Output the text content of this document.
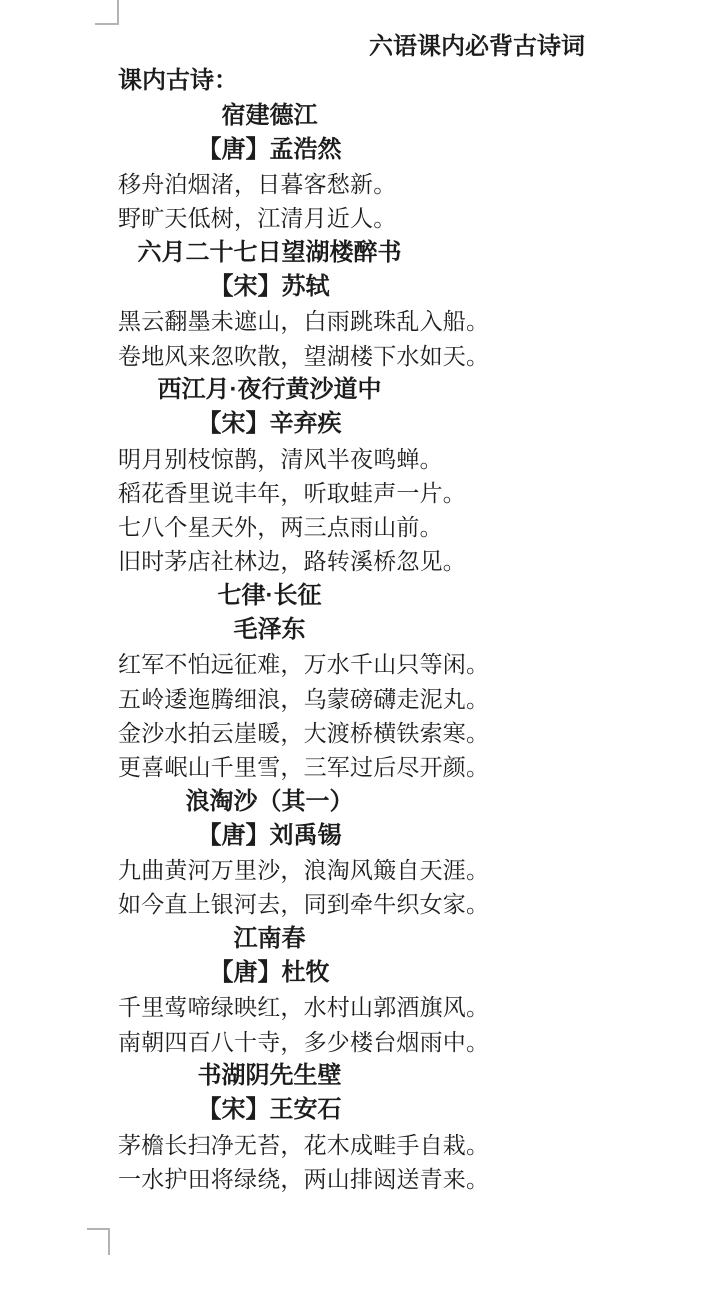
六语课内必背古诗词
课内古诗：
宿建德江
【唐】孟浩然
移舟泊烟渚，日暮客愁新。
野旷天低树，江清月近人。
六月二十七日望湖楼醉书
【宋】苏轼
黑云翻墨未遮山，白雨跳珠乱入船。
卷地风来忽吹散，望湖楼下水如天。
西江月·夜行黄沙道中
【宋】辛弃疾
明月别枝惊鹊，清风半夜鸣蝉。
稻花香里说丰年，听取蛙声一片。
七八个星天外，两三点雨山前。
旧时茅店社林边，路转溪桥忽见。
七律·长征
毛泽东
红军不怕远征难，万水千山只等闲。
五岭逶迤腾细浪，乌蒙磅礴走泥丸。
金沙水拍云崖暖，大渡桥横铁索寒。
更喜岷山千里雪，三军过后尽开颜。
浪淘沙（其一）
【唐】刘禹锡
九曲黄河万里沙，浪淘风簸自天涯。
如今直上银河去，同到牵牛织女家。
江南春
【唐】杜牧
千里莺啼绿映红，水村山郭酒旗风。
南朝四百八十寺，多少楼台烟雨中。
书湖阴先生壁
【宋】王安石
茅檐长扫净无苔，花木成畦手自栽。
一水护田将绿绕，两山排闼送青来。
